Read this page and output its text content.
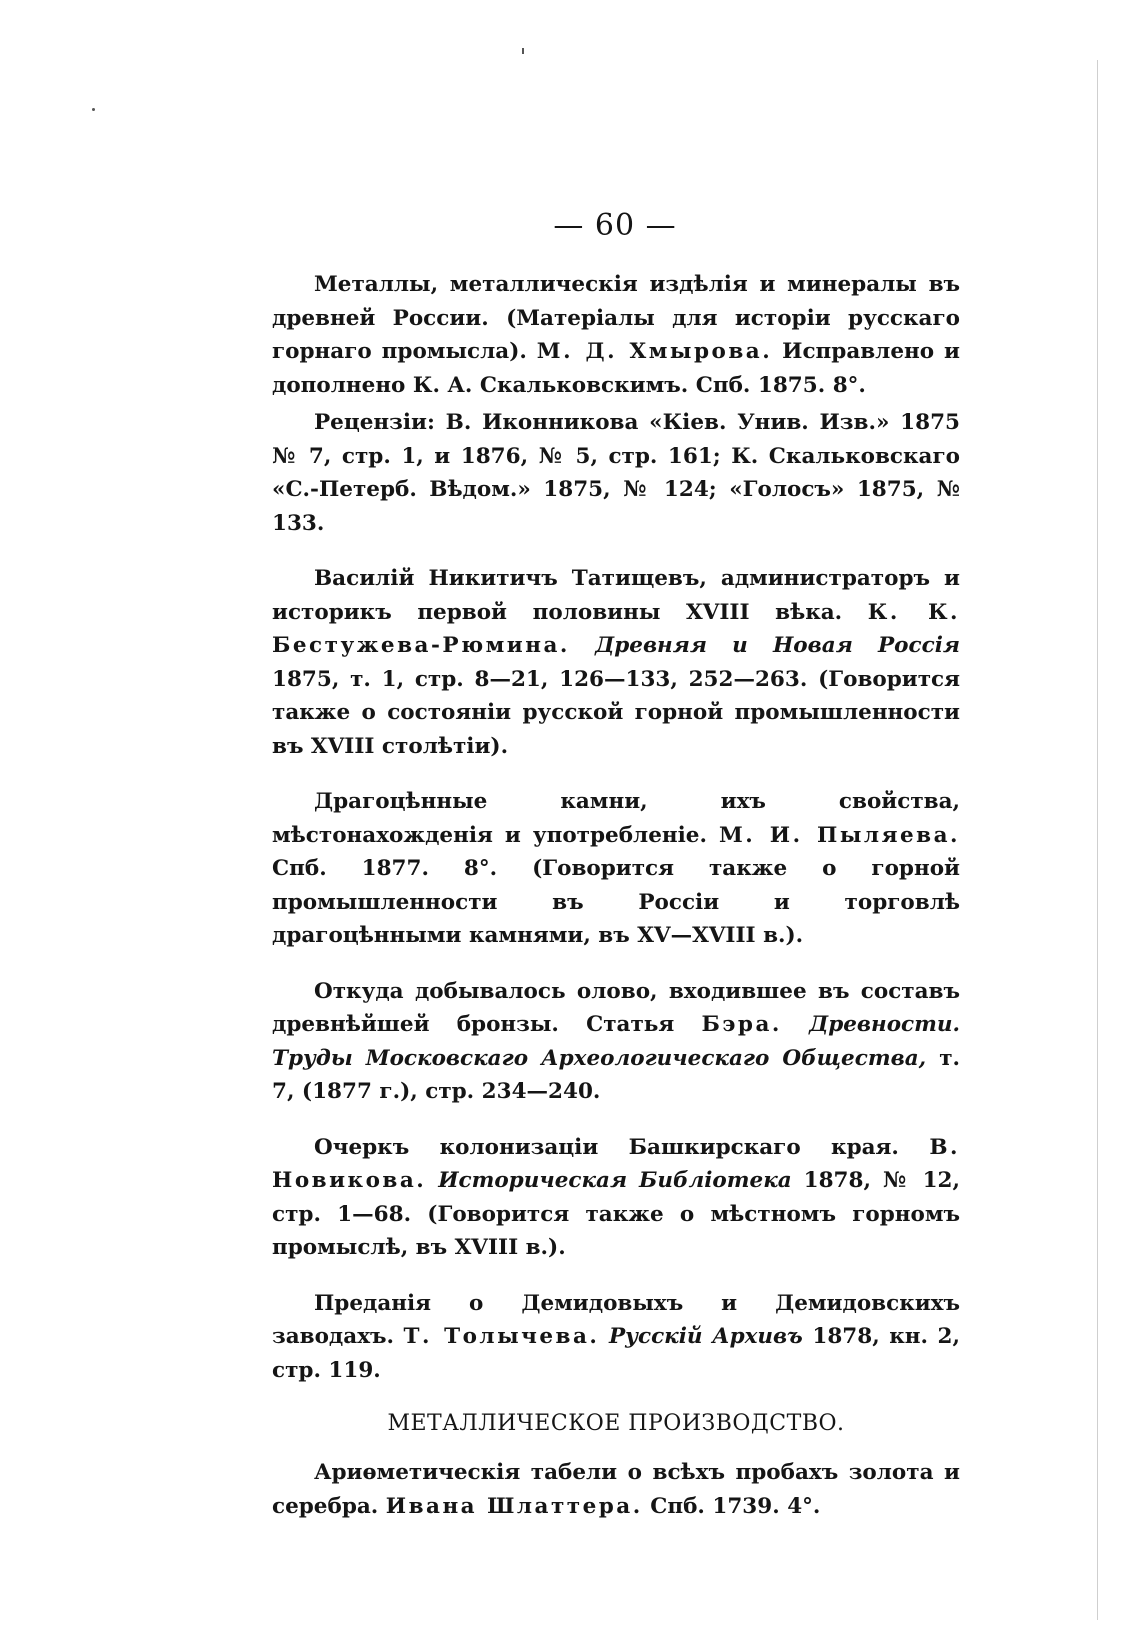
— 60 —

Металлы, металлическія издѣлія и минералы въ древней России. (Матеріалы для исторіи русскаго горнаго промысла). М. Д. Хмырова. Исправлено и дополнено К. А. Скальковскимъ. Спб. 1875. 8°.

Рецензіи: В. Иконникова «Кіев. Унив. Изв.» 1875 № 7, стр. 1, и 1876, № 5, стр. 161; К. Скальковскаго «С.-Петерб. Вѣдом.» 1875, № 124; «Голосъ» 1875, № 133.

Василій Никитичъ Татищевъ, администраторъ и историкъ первой половины XVIII вѣка. К. К. Бестужева-Рюмина. Древняя и Новая Россія 1875, т. 1, стр. 8—21, 126—133, 252—263. (Говорится также о состояніи русской горной промышленности въ XVIII столѣтіи).

Драгоцѣнные камни, ихъ свойства, мѣстонахожденія и употребленіе. М. И. Пыляева. Спб. 1877. 8°. (Говорится также о горной промышленности въ Россіи и торговлѣ драгоцѣнными камнями, въ XV—XVIII в.).

Откуда добывалось олово, входившее въ составъ древнѣйшей бронзы. Статья Бэра. Древности. Труды Московскаго Археологическаго Общества, т. 7, (1877 г.), стр. 234—240.

Очеркъ колонизаціи Башкирскаго края. В. Новикова. Историческая Библіотека 1878, № 12, стр. 1—68. (Говорится также о мѣстномъ горномъ промыслѣ, въ XVIII в.).

Преданія о Демидовыхъ и Демидовскихъ заводахъ. Т. Толычева. Русскій Архивъ 1878, кн. 2, стр. 119.

МЕТАЛЛИЧЕСКОЕ ПРОИЗВОДСТВО.

Ариѳметическія табели о всѣхъ пробахъ золота и серебра. Ивана Шлаттера. Спб. 1739. 4°.
